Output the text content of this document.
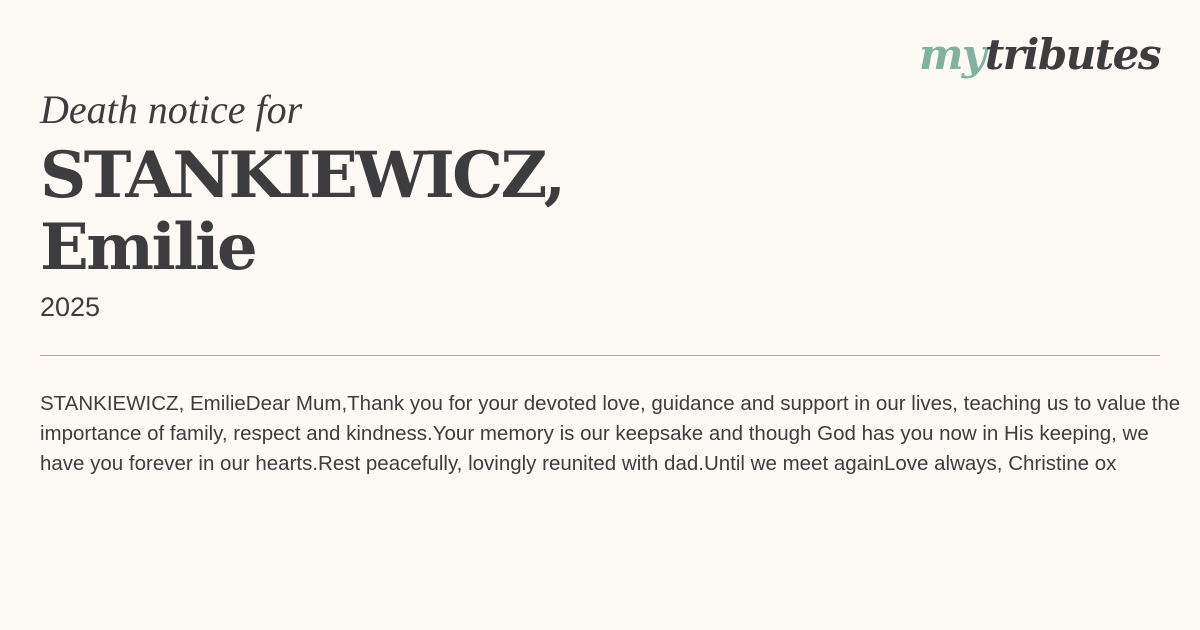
mytributes
Death notice for
STANKIEWICZ,
Emilie
2025

STANKIEWICZ, EmilieDear Mum,Thank you for your devoted love, guidance and support in our lives, teaching us to value the importance of family, respect and kindness.Your memory is our keepsake and though God has you now in His keeping, we have you forever in our hearts.Rest peacefully, lovingly reunited with dad.Until we meet againLove always, Christine ox
